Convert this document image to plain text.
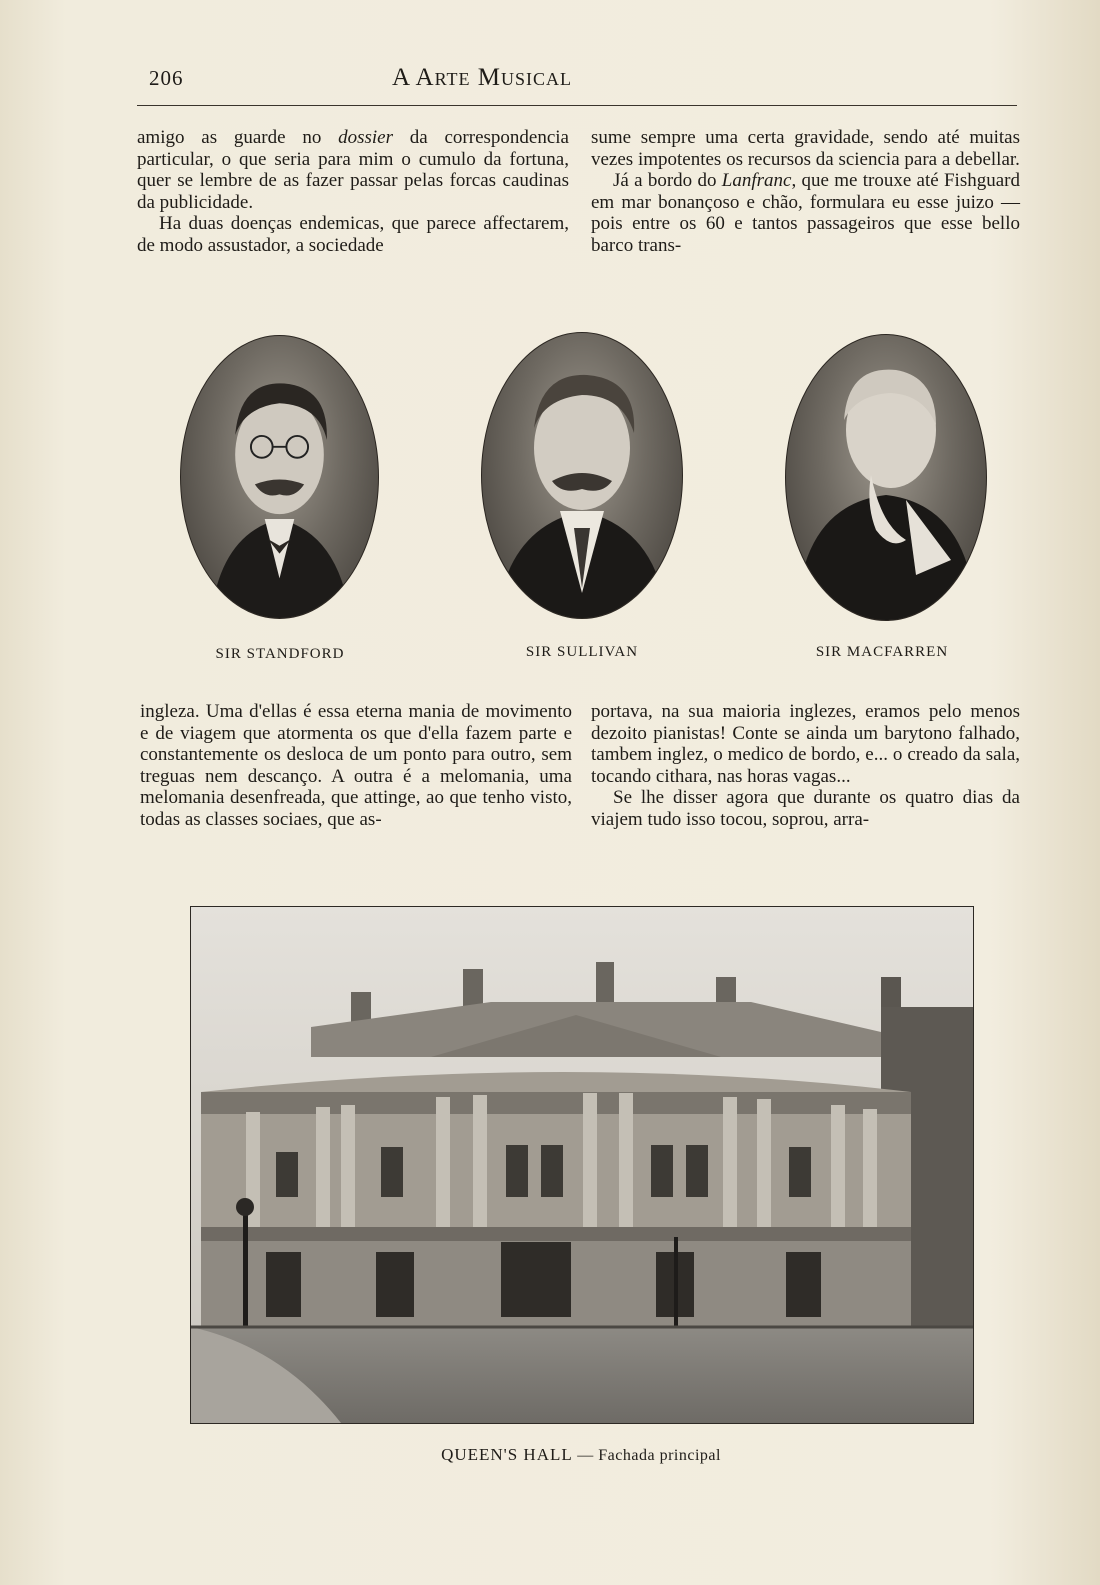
206	A Arte Musical

amigo as guarde no dossier da correspondencia particular, o que seria para mim o cumulo da fortuna, quer se lembre de as fazer passar pelas forcas caudinas da publicidade.

Ha duas doenças endemicas, que parece affectarem, de modo assustador, a sociedade

sume sempre uma certa gravidade, sendo até muitas vezes impotentes os recursos da sciencia para a debellar.

Já a bordo do Lanfranc, que me trouxe até Fishguard em mar bonançoso e chão, formulara eu esse juizo — pois entre os 60 e tantos passageiros que esse bello barco trans-

SIR STANDFORD	SIR SULLIVAN	SIR MACFARREN

ingleza. Uma d'ellas é essa eterna mania de movimento e de viagem que atormenta os que d'ella fazem parte e constantemente os desloca de um ponto para outro, sem treguas nem descanço. A outra é a melomania, uma melomania desenfreada, que attinge, ao que tenho visto, todas as classes sociaes, que as-

portava, na sua maioria inglezes, eramos pelo menos dezoito pianistas! Conte se ainda um barytono falhado, tambem inglez, o medico de bordo, e... o creado da sala, tocando cithara, nas horas vagas...

Se lhe disser agora que durante os quatro dias da viajem tudo isso tocou, soprou, arra-

QUEEN'S HALL — Fachada principal
